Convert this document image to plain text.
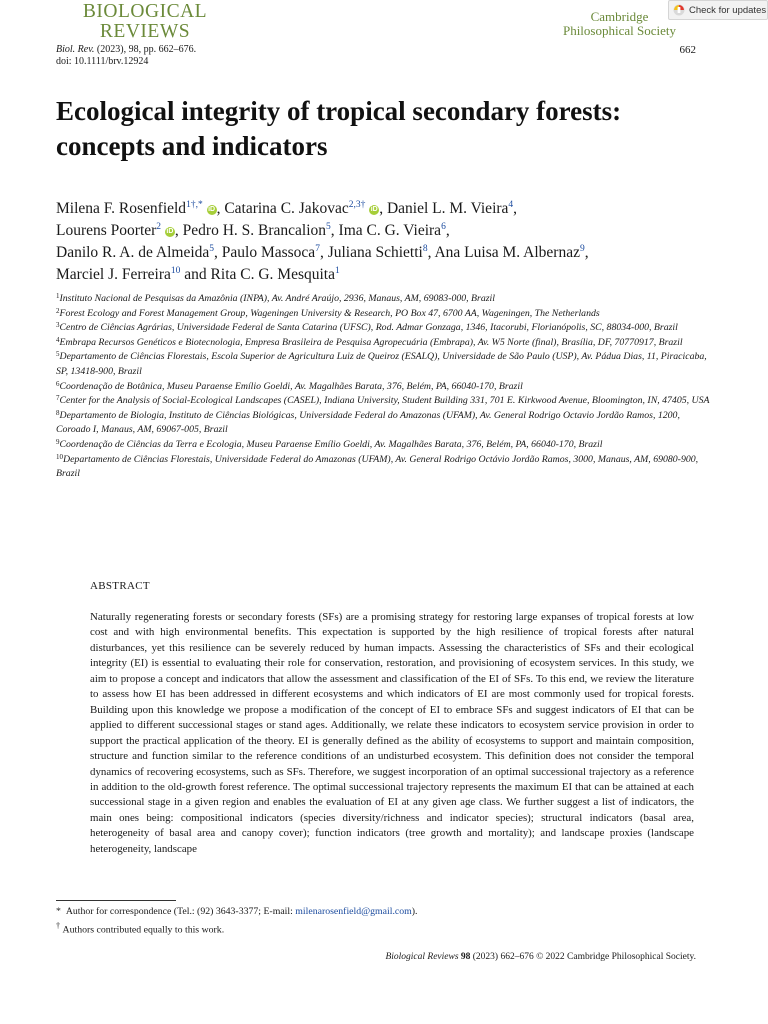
BIOLOGICAL
REVIEWS
Cambridge
Philosophical Society
Check for updates
Biol. Rev. (2023), 98, pp. 662–676.
doi: 10.1111/brv.12924
662
Ecological integrity of tropical secondary forests: concepts and indicators
Milena F. Rosenfield$^{1\dagger,*}$ iD, Catarina C. Jakovac$^{2,3\dagger}$ iD, Daniel L. M. Vieira$^4$,
Lourens Poorter$^2$ iD, Pedro H. S. Brancalion$^5$, Ima C. G. Vieira$^6$,
Danilo R. A. de Almeida$^5$, Paulo Massoca$^7$, Juliana Schietti$^8$, Ana Luisa M. Albernaz$^9$,
Marciel J. Ferreira$^{10}$ and Rita C. G. Mesquita$^1$
$^1$Instituto Nacional de Pesquisas da Amazônia (INPA), Av. André Araújo, 2936, Manaus, AM, 69083-000, Brazil
$^2$Forest Ecology and Forest Management Group, Wageningen University & Research, PO Box 47, 6700 AA, Wageningen, The Netherlands
$^3$Centro de Ciências Agrárias, Universidade Federal de Santa Catarina (UFSC), Rod. Admar Gonzaga, 1346, Itacorubi, Florianópolis, SC, 88034-000, Brazil
$^4$Embrapa Recursos Genéticos e Biotecnologia, Empresa Brasileira de Pesquisa Agropecuária (Embrapa), Av. W5 Norte (final), Brasília, DF, 70770917, Brazil
$^5$Departamento de Ciências Florestais, Escola Superior de Agricultura Luiz de Queiroz (ESALQ), Universidade de São Paulo (USP), Av. Pádua Dias, 11, Piracicaba, SP, 13418-900, Brazil
$^6$Coordenação de Botânica, Museu Paraense Emílio Goeldi, Av. Magalhães Barata, 376, Belém, PA, 66040-170, Brazil
$^7$Center for the Analysis of Social-Ecological Landscapes (CASEL), Indiana University, Student Building 331, 701 E. Kirkwood Avenue, Bloomington, IN, 47405, USA
$^8$Departamento de Biologia, Instituto de Ciências Biológicas, Universidade Federal do Amazonas (UFAM), Av. General Rodrigo Octavio Jordão Ramos, 1200, Coroado I, Manaus, AM, 69067-005, Brazil
$^9$Coordenação de Ciências da Terra e Ecologia, Museu Paraense Emílio Goeldi, Av. Magalhães Barata, 376, Belém, PA, 66040-170, Brazil
$^{10}$Departamento de Ciências Florestais, Universidade Federal do Amazonas (UFAM), Av. General Rodrigo Octávio Jordão Ramos, 3000, Manaus, AM, 69080-900, Brazil
ABSTRACT

Naturally regenerating forests or secondary forests (SFs) are a promising strategy for restoring large expanses of tropical forests at low cost and with high environmental benefits. This expectation is supported by the high resilience of tropical forests after natural disturbances, yet this resilience can be severely reduced by human impacts. Assessing the characteristics of SFs and their ecological integrity (EI) is essential to evaluating their role for conservation, restoration, and provisioning of ecosystem services. In this study, we aim to propose a concept and indicators that allow the assessment and classification of the EI of SFs. To this end, we review the literature to assess how EI has been addressed in different ecosystems and which indicators of EI are most commonly used for tropical forests. Building upon this knowledge we propose a modification of the concept of EI to embrace SFs and suggest indicators of EI that can be applied to different successional stages or stand ages. Additionally, we relate these indicators to ecosystem service provision in order to support the practical application of the theory. EI is generally defined as the ability of ecosystems to support and maintain composition, structure and function similar to the reference conditions of an undisturbed ecosystem. This definition does not consider the temporal dynamics of recovering ecosystems, such as SFs. Therefore, we suggest incorporation of an optimal successional trajectory as a reference in addition to the old-growth forest reference. The optimal successional trajectory represents the maximum EI that can be attained at each successional stage in a given region and enables the evaluation of EI at any given age class. We further suggest a list of indicators, the main ones being: compositional indicators (species diversity/richness and indicator species); structural indicators (basal area, heterogeneity of basal area and canopy cover); function indicators (tree growth and mortality); and landscape proxies (landscape heterogeneity, landscape

* Author for correspondence (Tel.: (92) 3643-3377; E-mail: milenarosenfield@gmail.com).
† Authors contributed equally to this work.
Biological Reviews 98 (2023) 662–676 © 2022 Cambridge Philosophical Society.
